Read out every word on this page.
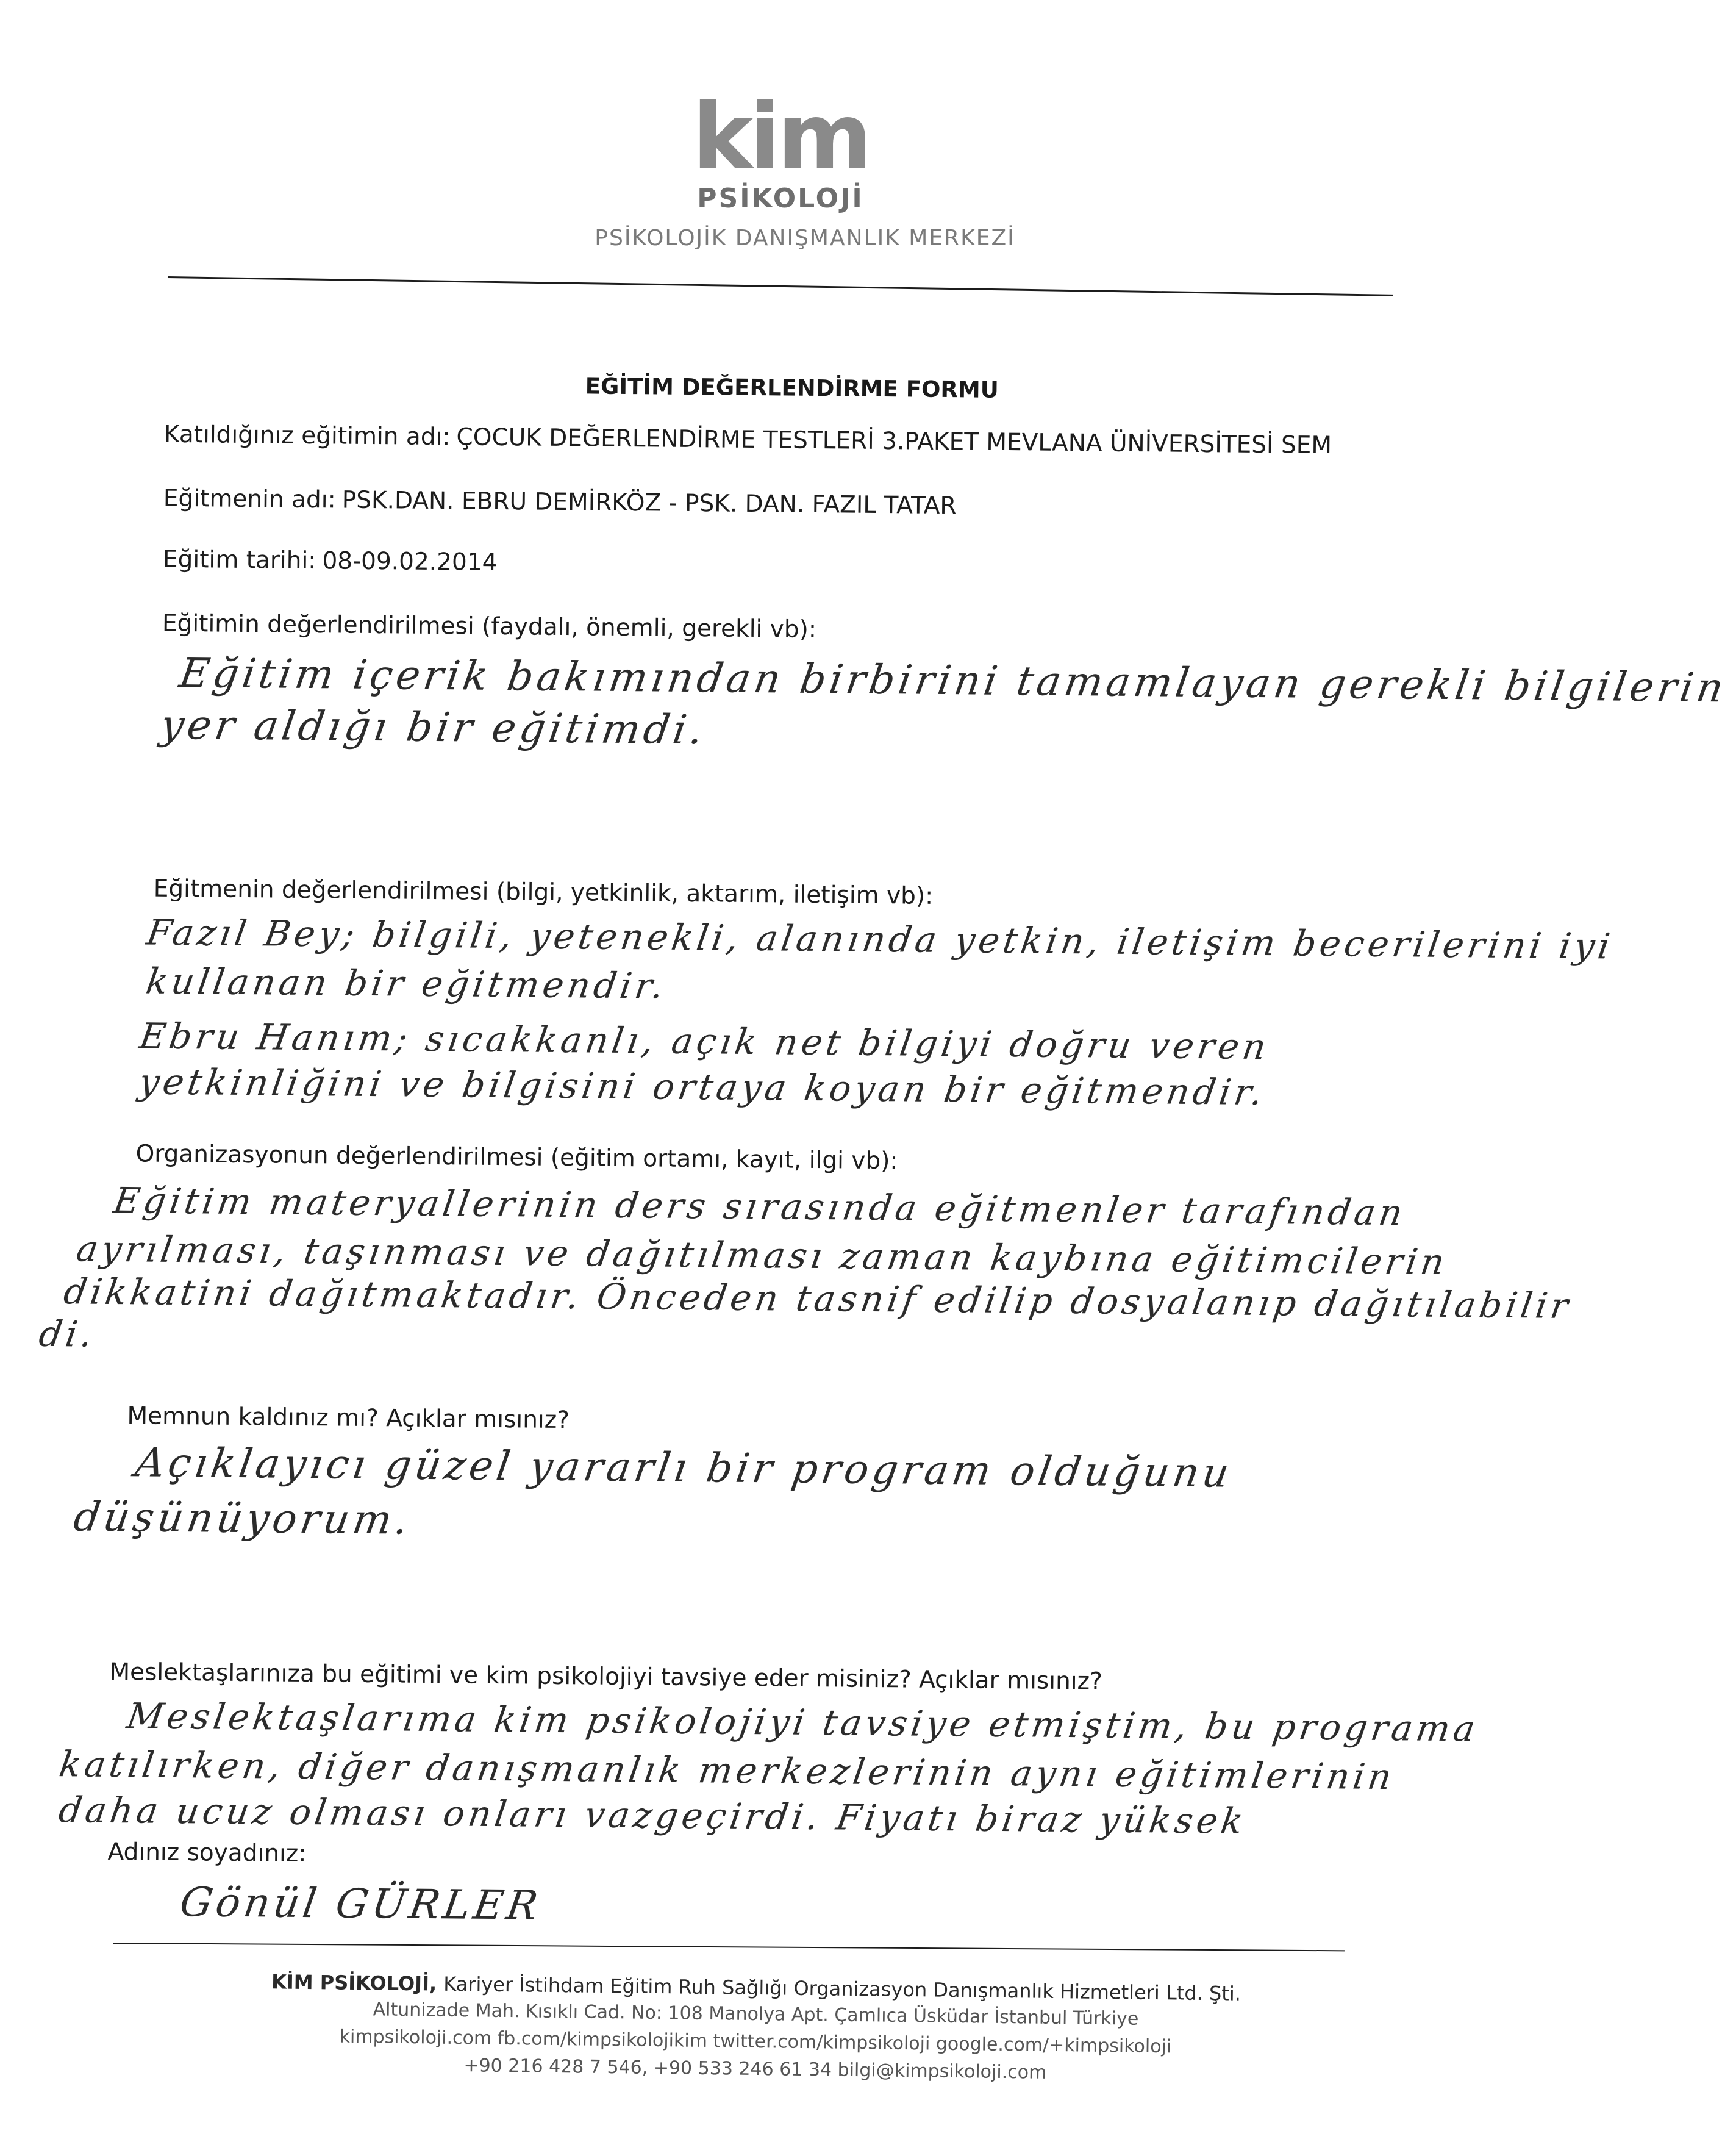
kim
PSİKOLOJİ
PSİKOLOJİK DANIŞMANLIK MERKEZİ
EĞİTİM DEĞERLENDİRME FORMU
Katıldığınız eğitimin adı: ÇOCUK DEĞERLENDİRME TESTLERİ 3.PAKET MEVLANA ÜNİVERSİTESİ SEM
Eğitmenin adı: PSK.DAN. EBRU DEMİRKÖZ - PSK. DAN. FAZIL TATAR
Eğitim tarihi: 08-09.02.2014
Eğitimin değerlendirilmesi (faydalı, önemli, gerekli vb):
Eğitim içerik bakımından birbirini tamamlayan gerekli bilgilerin
yer aldığı bir eğitimdi.
Eğitmenin değerlendirilmesi (bilgi, yetkinlik, aktarım, iletişim vb):
Fazıl Bey; bilgili, yetenekli, alanında yetkin, iletişim becerilerini iyi
kullanan bir eğitmendir.
Ebru Hanım; sıcakkanlı, açık net bilgiyi doğru veren
yetkinliğini ve bilgisini ortaya koyan bir eğitmendir.
Organizasyonun değerlendirilmesi (eğitim ortamı, kayıt, ilgi vb):
Eğitim materyallerinin ders sırasında eğitmenler tarafından
ayrılması, taşınması ve dağıtılması zaman kaybına eğitimcilerin
dikkatini dağıtmaktadır. Önceden tasnif edilip dosyalanıp dağıtılabilir
di.
Memnun kaldınız mı? Açıklar mısınız?
Açıklayıcı güzel yararlı bir program olduğunu
düşünüyorum.
Meslektaşlarınıza bu eğitimi ve kim psikolojiyi tavsiye eder misiniz? Açıklar mısınız?
Meslektaşlarıma kim psikolojiyi tavsiye etmiştim, bu programa
katılırken, diğer danışmanlık merkezlerinin aynı eğitimlerinin
daha ucuz olması onları vazgeçirdi. Fiyatı biraz yüksek
Adınız soyadınız:
Gönül GÜRLER
KİM PSİKOLOJİ, Kariyer İstihdam Eğitim Ruh Sağlığı Organizasyon Danışmanlık Hizmetleri Ltd. Şti.
Altunizade Mah. Kısıklı Cad. No: 108 Manolya Apt. Çamlıca Üsküdar İstanbul Türkiye
kimpsikoloji.com fb.com/kimpsikolojikim twitter.com/kimpsikoloji google.com/+kimpsikoloji
+90 216 428 7 546, +90 533 246 61 34 bilgi@kimpsikoloji.com
